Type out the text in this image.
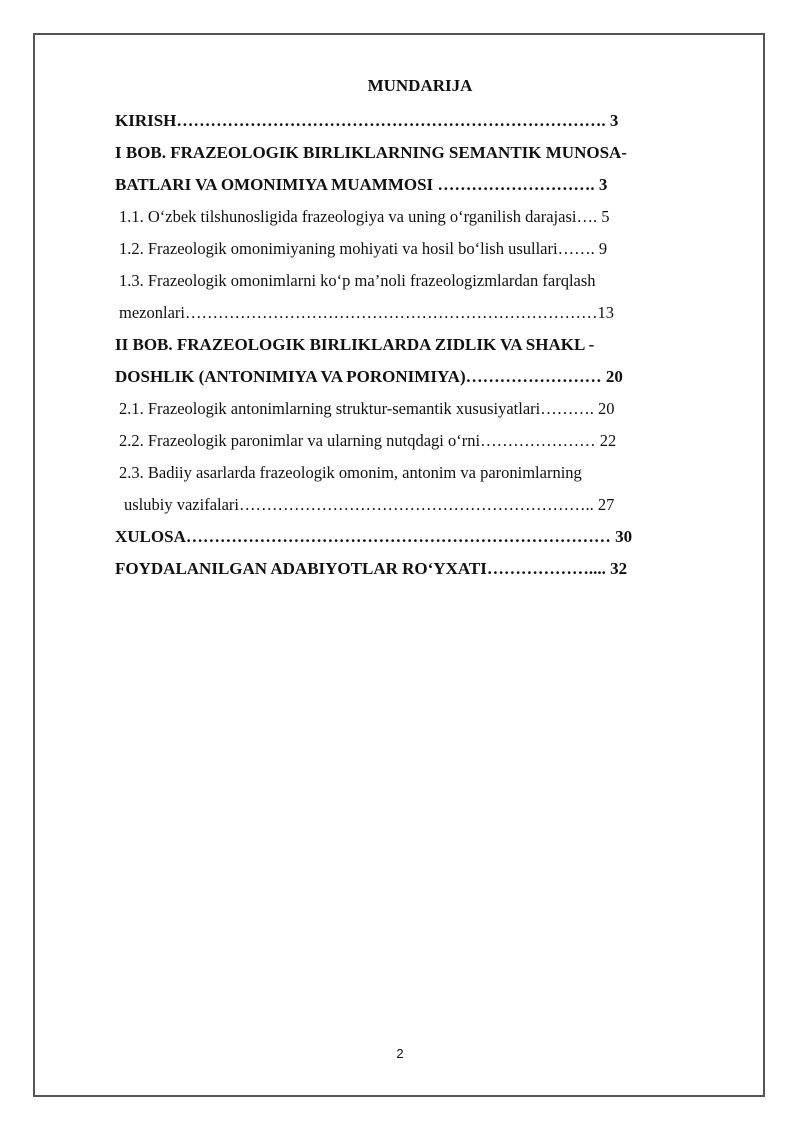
MUNDARIJA
KIRISH…………………………………………………………………. 3
I BOB. FRAZEOLOGIK BIRLIKLARNING SEMANTIK MUNOSA-
BATLARI VA OMONIMIYA MUAMMOSI ………………………. 3
1.1. O‘zbek tilshunosligida frazeologiya va uning o‘rganilish darajasi…. 5
1.2. Frazeologik omonimiyaning mohiyati va hosil bo‘lish usullari……. 9
1.3. Frazeologik omonimlarni ko‘p ma’noli frazeologizmlardan farqlash
mezonlari…………………………………………………………………13
II BOB. FRAZEOLOGIK BIRLIKLARDA ZIDLIK VA SHAKL -
DOSHLIK (ANTONIMIYA VA PORONIMIYA)…………………… 20
2.1. Frazeologik antonimlarning struktur-semantik xususiyatlari………. 20
2.2. Frazeologik paronimlar va ularning nutqdagi o‘rni………………… 22
2.3. Badiiy asarlarda frazeologik omonim, antonim va paronimlarning
uslubiy vazifalari……………………………………………………….. 27
XULOSA………………………………………………………………… 30
FOYDALANILGAN ADABIYOTLAR RO‘YXATI……………….... 32
2
